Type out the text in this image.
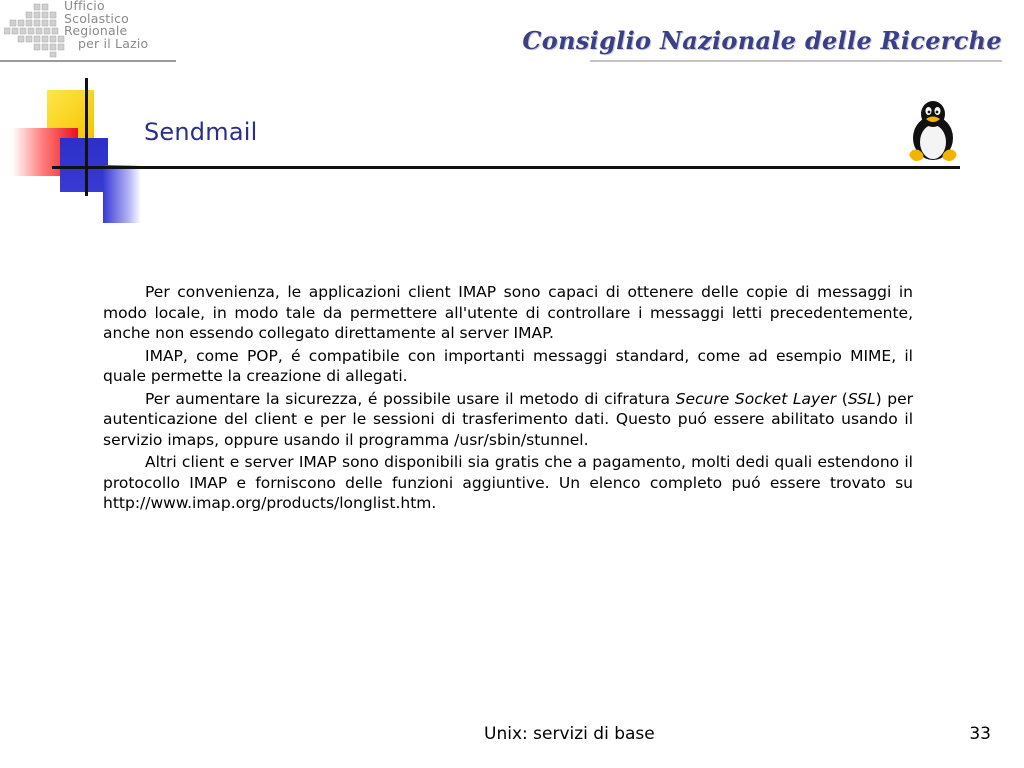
Ufficio
Scolastico
Regionale
per il Lazio	Consiglio Nazionale delle Ricerche
Sendmail

Per convenienza, le applicazioni client IMAP sono capaci di ottenere delle copie di messaggi in modo locale, in modo tale da permettere all'utente di controllare i messaggi letti precedentemente, anche non essendo collegato direttamente al server IMAP.

IMAP, come POP, é compatibile con importanti messaggi standard, come ad esempio MIME, il quale permette la creazione di allegati.

Per aumentare la sicurezza, é possibile usare il metodo di cifratura Secure Socket Layer (SSL) per autenticazione del client e per le sessioni di trasferimento dati. Questo puó essere abilitato usando il servizio imaps, oppure usando il programma /usr/sbin/stunnel.

Altri client e server IMAP sono disponibili sia gratis che a pagamento, molti dedi quali estendono il protocollo IMAP e forniscono delle funzioni aggiuntive. Un elenco completo puó essere trovato su http://www.imap.org/products/longlist.htm.

Unix: servizi di base	33
